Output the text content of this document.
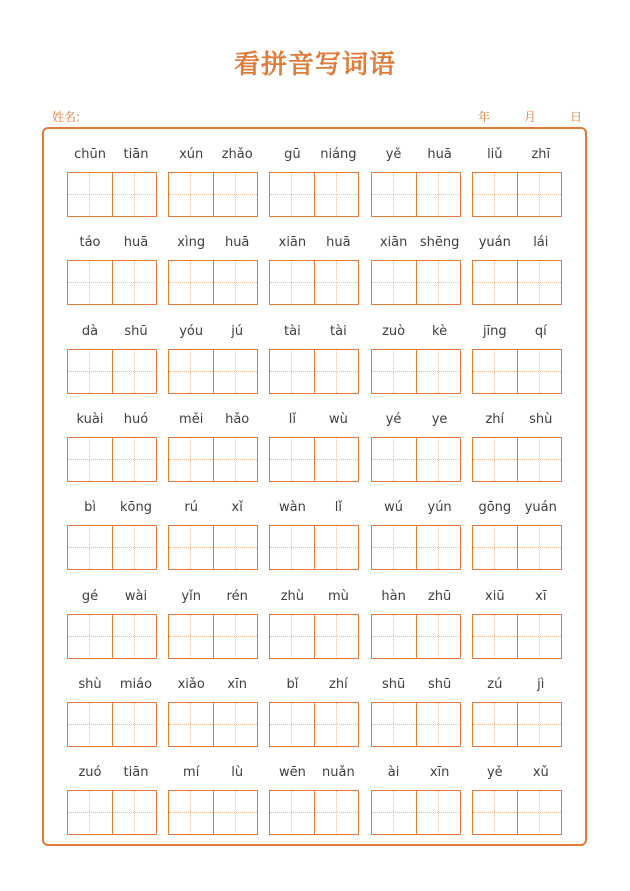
看拼音写词语
姓名:	年	月	日
chūn	tiān	xún	zhǎo	gū	niáng	yě	huā	liǔ	zhī
táo	huā	xìng	huā	xiān	huā	xiān shēng	yuán	lái
dà	shū	yóu	jú	tài	tài	zuò	kè	jīng	qí
kuài	huó	měi	hǎo	lǐ	wù	yé	ye	zhí	shù
bì	kōng	rú	xǐ	wàn	lǐ	wú	yún	gōng	yuán
gé	wài	yǐn	rén	zhù	mù	hàn	zhū	xiū	xī
shù	miáo	xiǎo	xīn	bǐ	zhí	shū	shū	zú	jì
zuó	tiān	mí	lù	wēn	nuǎn	ài	xīn	yě	xǔ
